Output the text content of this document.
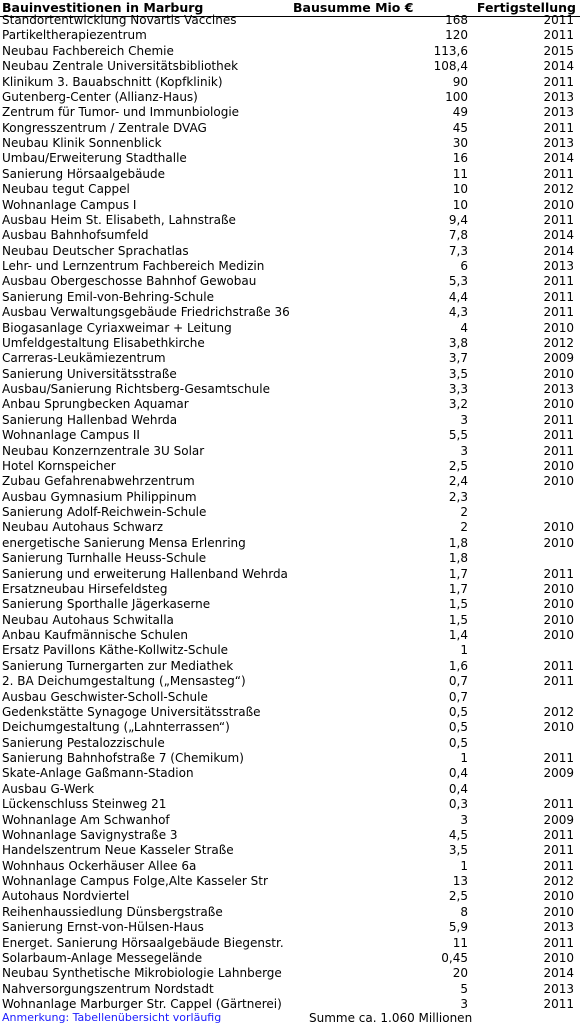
Bauinvestitionen in Marburg	Bausumme Mio €	Fertigstellung
Standortentwicklung Novartis Vaccines	168	2011
Partikeltherapiezentrum	120	2011
Neubau Fachbereich Chemie	113,6	2015
Neubau Zentrale Universitätsbibliothek	108,4	2014
Klinikum 3. Bauabschnitt (Kopfklinik)	90	2011
Gutenberg-Center (Allianz-Haus)	100	2013
Zentrum für Tumor- und Immunbiologie	49	2013
Kongresszentrum / Zentrale DVAG	45	2011
Neubau Klinik Sonnenblick	30	2013
Umbau/Erweiterung Stadthalle	16	2014
Sanierung Hörsaalgebäude	11	2011
Neubau tegut Cappel	10	2012
Wohnanlage Campus I	10	2010
Ausbau Heim St. Elisabeth, Lahnstraße	9,4	2011
Ausbau Bahnhofsumfeld	7,8	2014
Neubau Deutscher Sprachatlas	7,3	2014
Lehr- und Lernzentrum Fachbereich Medizin	6	2013
Ausbau Obergeschosse Bahnhof Gewobau	5,3	2011
Sanierung Emil-von-Behring-Schule	4,4	2011
Ausbau Verwaltungsgebäude Friedrichstraße 36	4,3	2011
Biogasanlage Cyriaxweimar + Leitung	4	2010
Umfeldgestaltung Elisabethkirche	3,8	2012
Carreras-Leukämiezentrum	3,7	2009
Sanierung Universitätsstraße	3,5	2010
Ausbau/Sanierung Richtsberg-Gesamtschule	3,3	2013
Anbau Sprungbecken Aquamar	3,2	2010
Sanierung Hallenbad Wehrda	3	2011
Wohnanlage Campus II	5,5	2011
Neubau Konzernzentrale 3U Solar	3	2011
Hotel Kornspeicher	2,5	2010
Zubau Gefahrenabwehrzentrum	2,4	2010
Ausbau Gymnasium Philippinum	2,3
Sanierung Adolf-Reichwein-Schule	2
Neubau Autohaus Schwarz	2	2010
energetische Sanierung Mensa Erlenring	1,8	2010
Sanierung Turnhalle Heuss-Schule	1,8
Sanierung und erweiterung Hallenband Wehrda	1,7	2011
Ersatzneubau Hirsefeldsteg	1,7	2010
Sanierung Sporthalle Jägerkaserne	1,5	2010
Neubau Autohaus Schwitalla	1,5	2010
Anbau Kaufmännische Schulen	1,4	2010
Ersatz Pavillons Käthe-Kollwitz-Schule	1
Sanierung Turnergarten zur Mediathek	1,6	2011
2. BA Deichumgestaltung („Mensasteg“)	0,7	2011
Ausbau Geschwister-Scholl-Schule	0,7
Gedenkstätte Synagoge Universitätsstraße	0,5	2012
Deichumgestaltung („Lahnterrassen“)	0,5	2010
Sanierung Pestalozzischule	0,5
Sanierung Bahnhofstraße 7 (Chemikum)	1	2011
Skate-Anlage Gaßmann-Stadion	0,4	2009
Ausbau G-Werk	0,4
Lückenschluss Steinweg 21	0,3	2011
Wohnanlage Am Schwanhof	3	2009
Wohnanlage Savignystraße 3	4,5	2011
Handelszentrum Neue Kasseler Straße	3,5	2011
Wohnhaus Ockerhäuser Allee 6a	1	2011
Wohnanlage Campus Folge,Alte Kasseler Str	13	2012
Autohaus Nordviertel	2,5	2010
Reihenhaussiedlung Dünsbergstraße	8	2010
Sanierung Ernst-von-Hülsen-Haus	5,9	2013
Energet. Sanierung Hörsaalgebäude Biegenstr.	11	2011
Solarbaum-Anlage Messegelände	0,45	2010
Neubau Synthetische Mikrobiologie Lahnberge	20	2014
Nahversorgungszentrum Nordstadt	5	2013
Wohnanlage Marburger Str. Cappel (Gärtnerei)	3	2011
Anmerkung: Tabellenübersicht vorläufig	Summe ca. 1.060 Millionen
